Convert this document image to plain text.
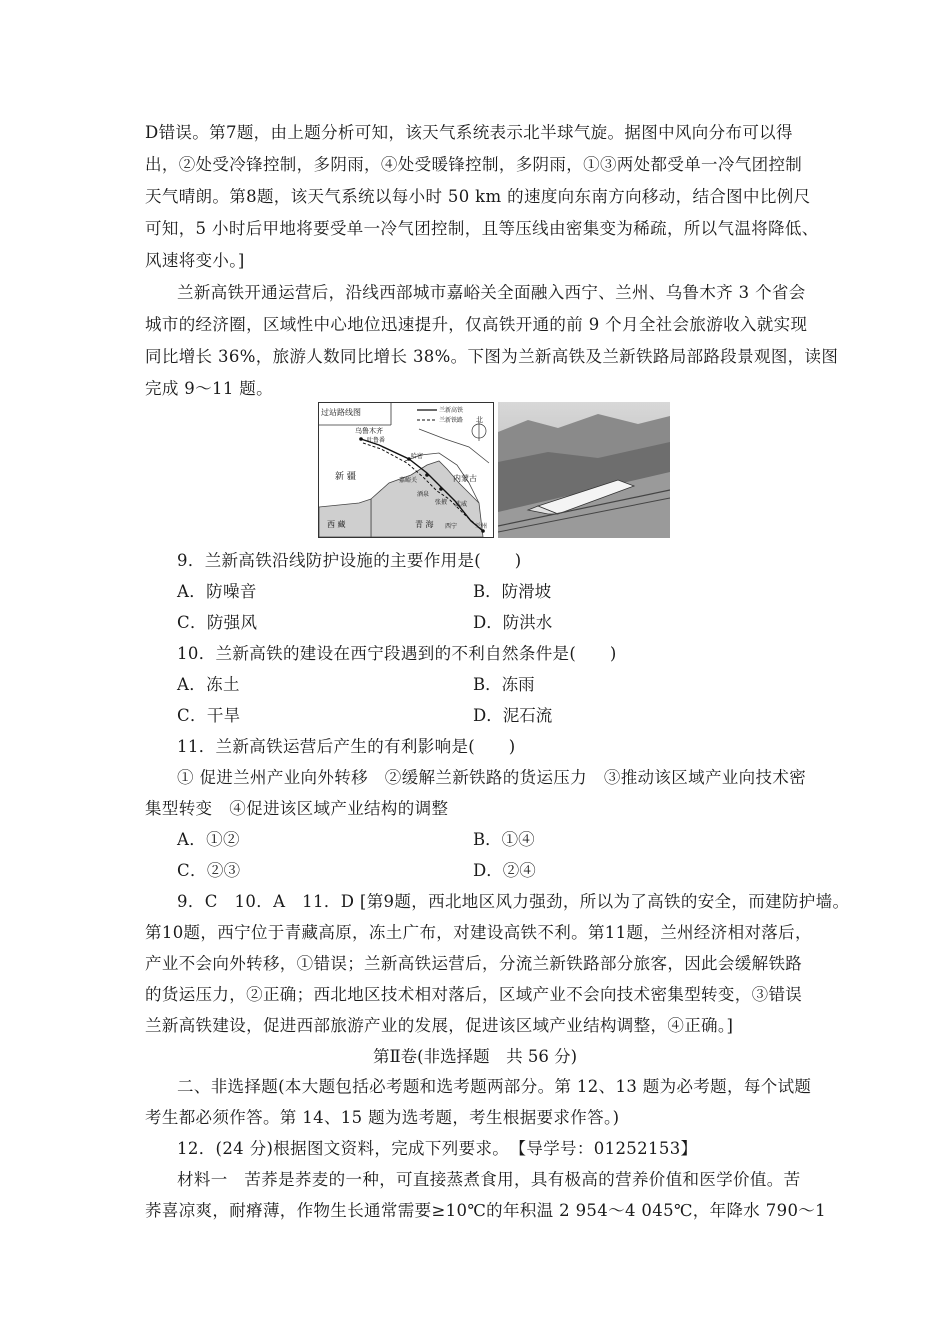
D错误。第7题，由上题分析可知，该天气系统表示北半球气旋。据图中风向分布可以得
出，②处受冷锋控制，多阴雨，④处受暖锋控制，多阴雨，①③两处都受单一冷气团控制
天气晴朗。第8题，该天气系统以每小时 50 km 的速度向东南方向移动，结合图中比例尺
可知，5 小时后甲地将要受单一冷气团控制，且等压线由密集变为稀疏，所以气温将降低、
风速将变小。]
兰新高铁开通运营后，沿线西部城市嘉峪关全面融入西宁、兰州、乌鲁木齐 3 个省会
城市的经济圈，区域性中心地位迅速提升，仅高铁开通的前 9 个月全社会旅游收入就实现
同比增长 36%，旅游人数同比增长 38%。下图为兰新高铁及兰新铁路局部路段景观图，读图
完成 9～11 题。
过站路线图	兰新高铁
兰新铁路 北
乌鲁木齐
吐鲁番
哈密
新 疆	嘉峪关
酒泉
张掖 武威
西宁	兰州
内蒙古
青 海
西 藏
9．兰新高铁沿线防护设施的主要作用是(　　)
A．防噪音	B．防滑坡
C．防强风	D．防洪水
10．兰新高铁的建设在西宁段遇到的不利自然条件是(　　)
A．冻土	B．冻雨
C．干旱	D．泥石流
11．兰新高铁运营后产生的有利影响是(　　)
① 促进兰州产业向外转移　②缓解兰新铁路的货运压力　③推动该区域产业向技术密
集型转变　④促进该区域产业结构的调整
A．①②	B．①④
C．②③	D．②④
9．C　10．A　11．D [第9题，西北地区风力强劲，所以为了高铁的安全，而建防护墙。
第10题，西宁位于青藏高原，冻土广布，对建设高铁不利。第11题，兰州经济相对落后，
产业不会向外转移，①错误；兰新高铁运营后，分流兰新铁路部分旅客，因此会缓解铁路
的货运压力，②正确；西北地区技术相对落后，区域产业不会向技术密集型转变，③错误
兰新高铁建设，促进西部旅游产业的发展，促进该区域产业结构调整，④正确。]
第Ⅱ卷(非选择题　共 56 分)
二、非选择题(本大题包括必考题和选考题两部分。第 12、13 题为必考题，每个试题
考生都必须作答。第 14、15 题为选考题，考生根据要求作答。)
12．(24 分)根据图文资料，完成下列要求。　【导学号：01252153】
材料一　苦荞是荞麦的一种，可直接蒸煮食用，具有极高的营养价值和医学价值。苦
荞喜凉爽，耐瘠薄，作物生长通常需要≥10℃的年积温 2 954～4 045℃，年降水 790～1
